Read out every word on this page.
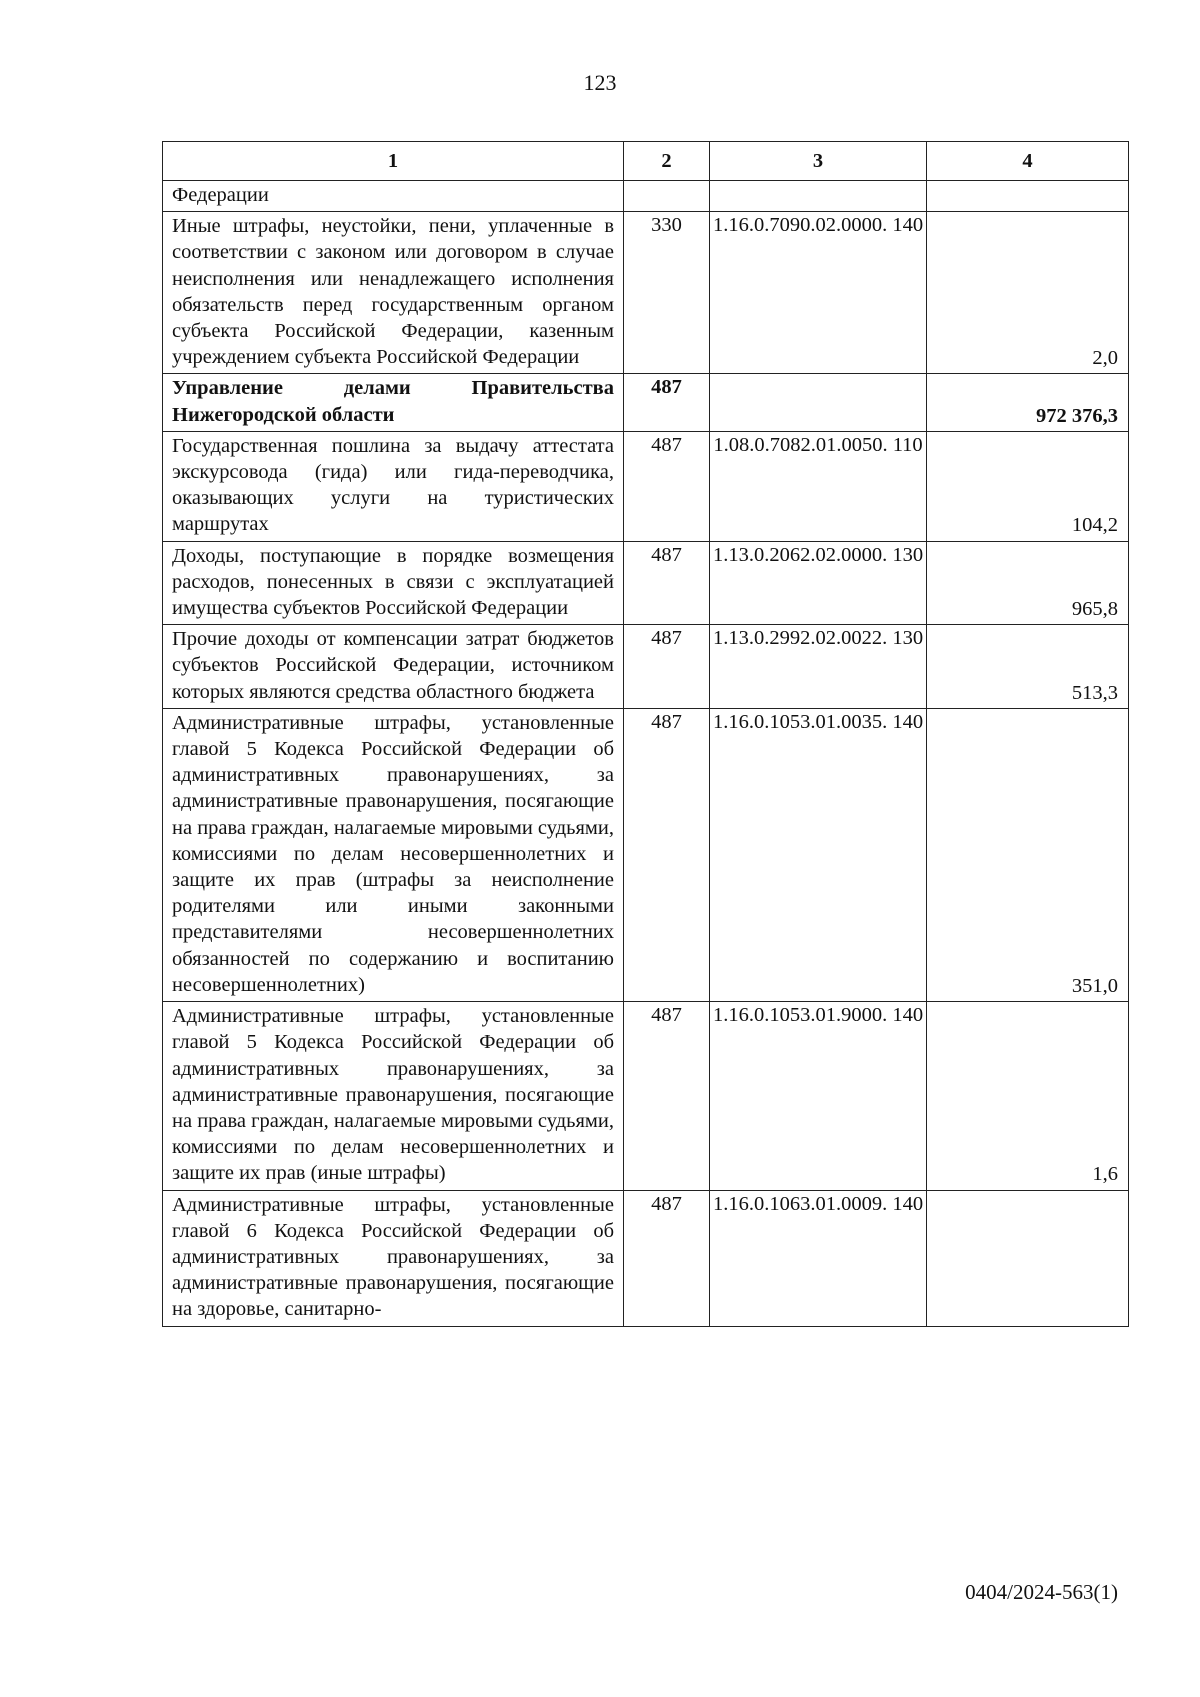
123
1	2	3	4

Федерации			

Иные штрафы, неустойки, пени, уплаченные в соответствии с законом или договором в случае неисполнения или ненадлежащего исполнения обязательств перед государственным органом субъекта Российской Федерации, казенным учреждением субъекта Российской Федерации	330	1.16.0.7090.02.0000. 140	2,0

Управление делами Правительства Нижегородской области	487		972 376,3

Государственная пошлина за выдачу аттестата экскурсовода (гида) или гида-переводчика, оказывающих услуги на туристических маршрутах	487	1.08.0.7082.01.0050. 110	104,2

Доходы, поступающие в порядке возмещения расходов, понесенных в связи с эксплуатацией имущества субъектов Российской Федерации	487	1.13.0.2062.02.0000. 130	965,8

Прочие доходы от компенсации затрат бюджетов субъектов Российской Федерации, источником которых являются средства областного бюджета	487	1.13.0.2992.02.0022. 130	513,3

Административные штрафы, установленные главой 5 Кодекса Российской Федерации об административных правонарушениях, за административные правонарушения, посягающие на права граждан, налагаемые мировыми судьями, комиссиями по делам несовершеннолетних и защите их прав (штрафы за неисполнение родителями или иными законными представителями несовершеннолетних обязанностей по содержанию и воспитанию несовершеннолетних)	487	1.16.0.1053.01.0035. 140	351,0

Административные штрафы, установленные главой 5 Кодекса Российской Федерации об административных правонарушениях, за административные правонарушения, посягающие на права граждан, налагаемые мировыми судьями, комиссиями по делам несовершеннолетних и защите их прав (иные штрафы)	487	1.16.0.1053.01.9000. 140	1,6

Административные штрафы, установленные главой 6 Кодекса Российской Федерации об административных правонарушениях, за административные правонарушения, посягающие на здоровье, санитарно-	487	1.16.0.1063.01.0009. 140	
0404/2024-563(1)
